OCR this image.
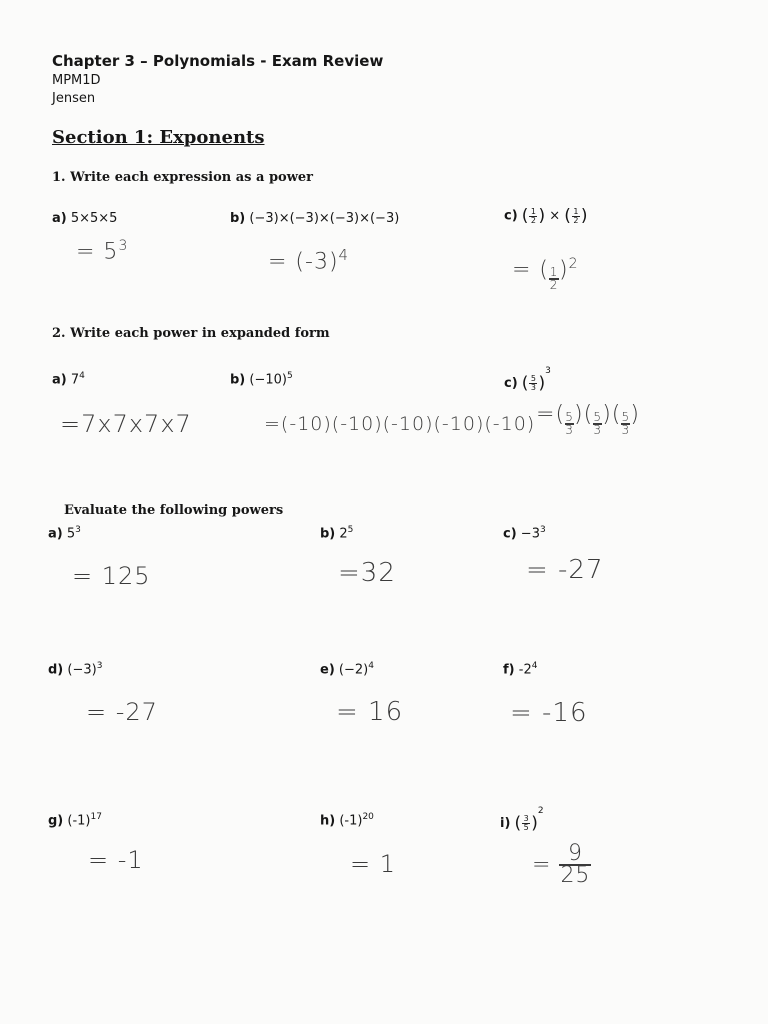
Chapter 3 – Polynomials - Exam Review
MPM1D
Jensen
Section 1: Exponents
1. Write each expression as a power
a) 5×5×5
= $5^3$
b) (−3)×(−3)×(−3)×(−3)
= $(-3)^4$
c) ( $\frac{1}{2}$ ) × ( $\frac{1}{2}$ )
= ( $\frac{1}{2} )^2$
2. Write each power in expanded form
a) $7^4$
=7x7x7x7
b) $(-10)^5$
=(-10)(-10)(-10)(-10)(-10)
c) ( $\frac{5}{3} )^3$
=( $\frac{5}{3}$ )( $\frac{5}{3}$ )( $\frac{5}{3}$ )
Evaluate the following powers
a) $5^3$
= 125
b) $2^5$
=32
$c) -3^3$
= -27
d) $(-3)^3$
= -27
e) $(-2)^4$
= 16
f) $-2^4$
= -16
g) $(-1)^{17}$
= -1
h) $(-1)^{20}$
= 1
i) ( $\frac{3}{5} )^2$
= $\frac{9}{25}$
